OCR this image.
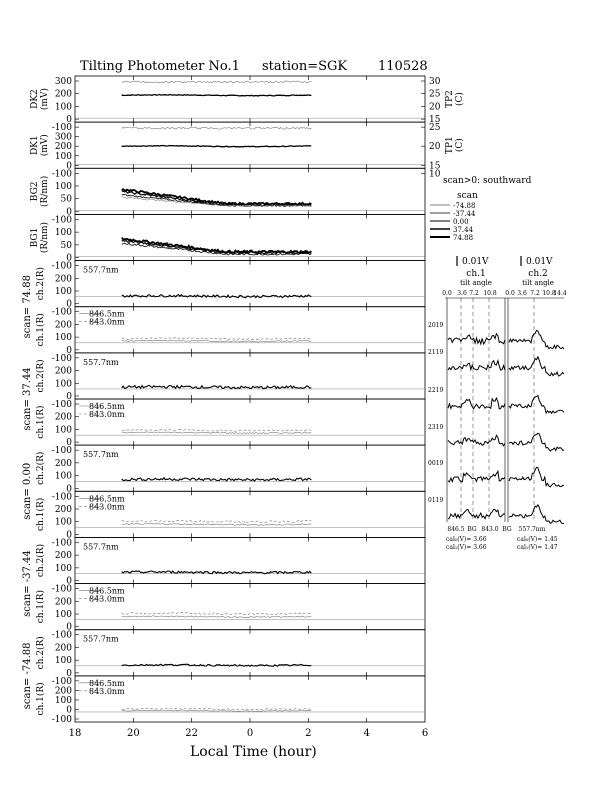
Tilting Photometer No.1 station=SGK 110528
300
200
100
0
DK2(mV)
30
25
20
15
TP2(C)
-100
300
200
100
0
DK1(mV)
25
20
15
TP1(C)
-100
100
50
0
BG2(R/nm)
10
-100
100
50
0
BG1(R/nm)
-100
200
100
0
ch.2(R)
scan= 74.88
557.7nm
-100
200
100
0
ch.1(R)	846.5nm
843.0nm
-100
200
100
0
ch.2(R)
scan= 37.44
557.7nm
-100
200
100
0
ch.1(R)	846.5nm
843.0nm
-100
200
100
0
ch.2(R)
scan= 0.00
557.7nm
-100
200
100
0
ch.1(R)	846.5nm
843.0nm
-100
200
100
0
ch.2(R)
scan= -37.44
557.7nm
-100
200
100
0
ch.1(R)	846.5nm
843.0nm
-100
200
100
0
ch.2(R)
scan= -74.88
557.7nm
-100
200
100
0
-100
ch.1(R)	846.5nm
843.0nm
18	20	22	0	2	4	6
Local Time (hour)
scan>0: southward
scan
-74.88
-37.44
0.00
37.44
74.88
0.01V	0.01V
ch.1	ch.2
tilt angle	tilt angle
0.0 3.6 7.2 10.8 0.0 3.6 7.2 10.8
14.4
2019
2119
2219
2319
0019
0119
846.5 BG 843.0 BG 557.7nm
cal₀(V)= 3.66
cal₁(V)= 3.66
cal₀(V)= 1.45
cal₁(V)= 1.47
